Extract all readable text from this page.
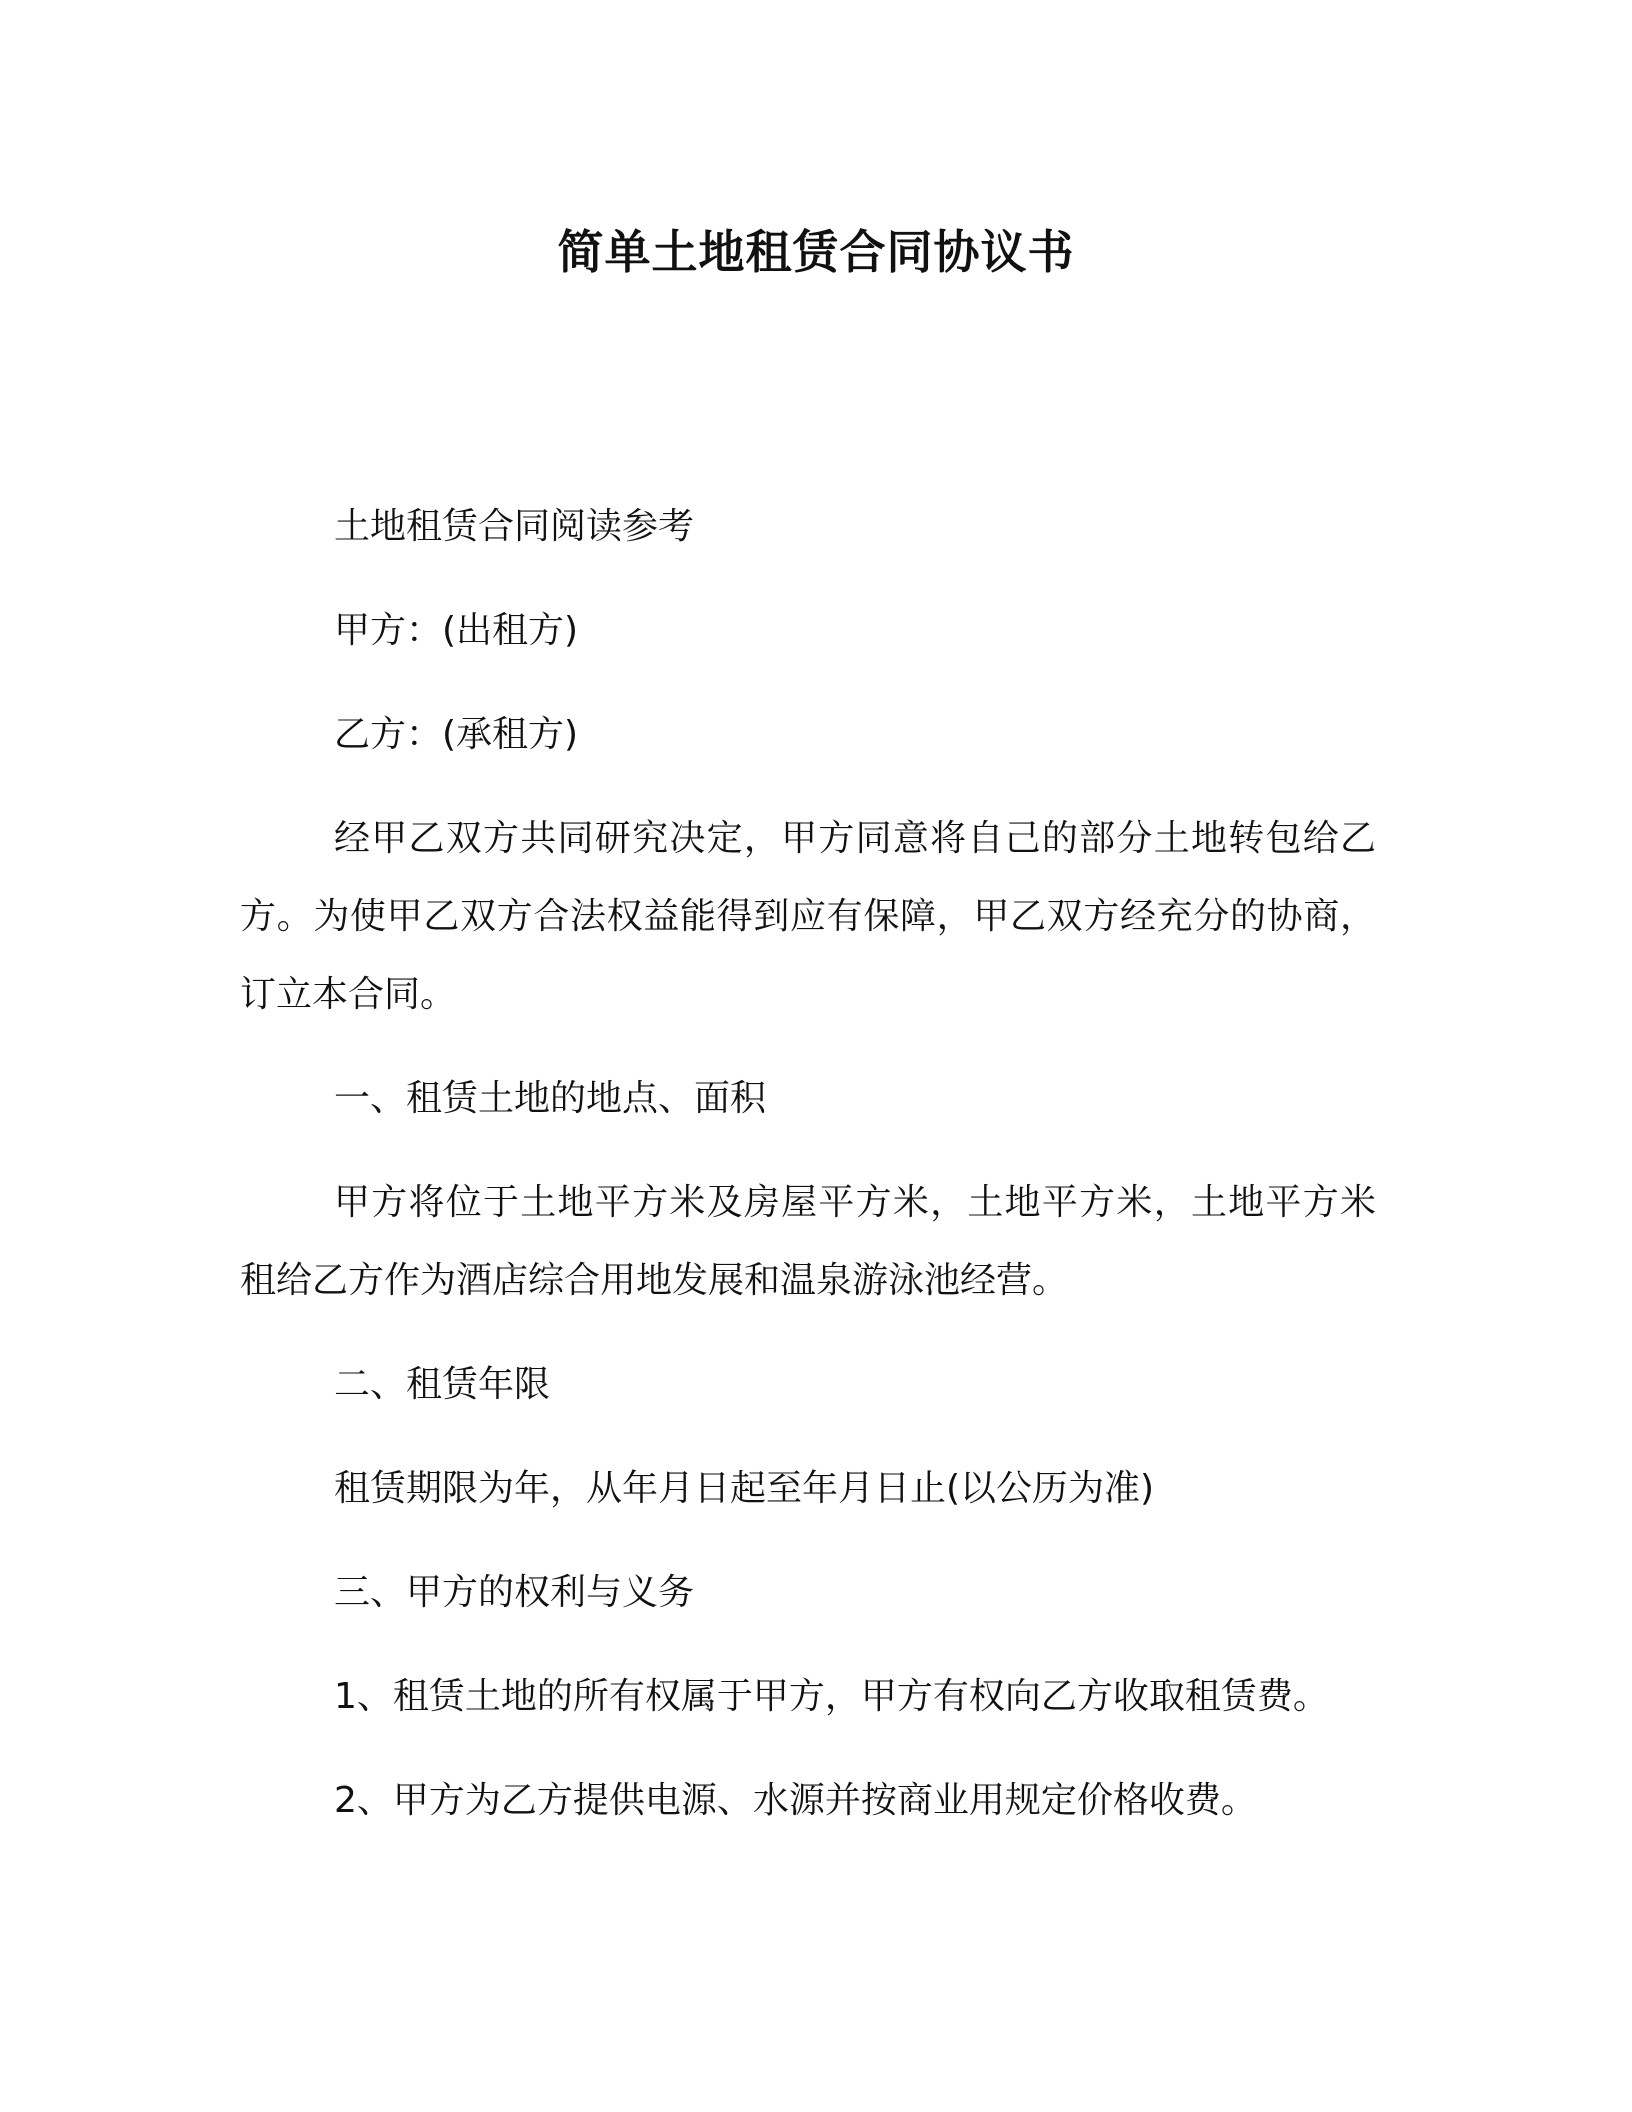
简单土地租赁合同协议书

土地租赁合同阅读参考

甲方：(出租方)

乙方：(承租方)

经甲乙双方共同研究决定，甲方同意将自己的部分土地转包给乙方。为使甲乙双方合法权益能得到应有保障，甲乙双方经充分的协商，订立本合同。

一、租赁土地的地点、面积

甲方将位于土地平方米及房屋平方米，土地平方米，土地平方米租给乙方作为酒店综合用地发展和温泉游泳池经营。

二、租赁年限

租赁期限为年，从年月日起至年月日止(以公历为准)

三、甲方的权利与义务

1、租赁土地的所有权属于甲方，甲方有权向乙方收取租赁费。

2、甲方为乙方提供电源、水源并按商业用规定价格收费。
